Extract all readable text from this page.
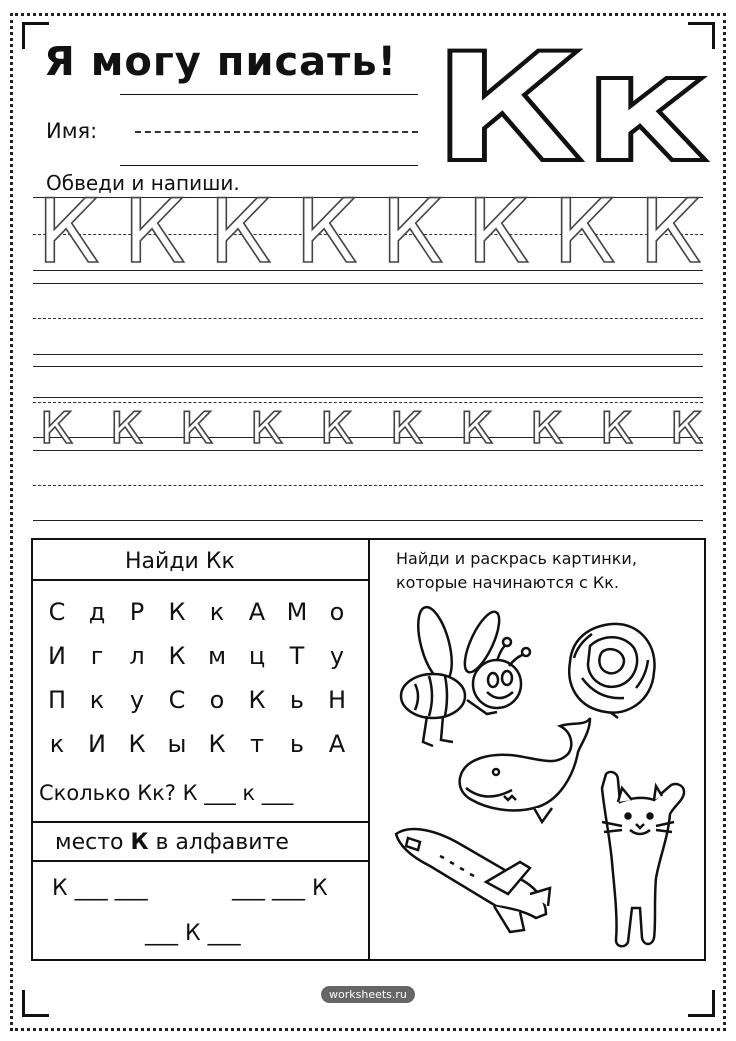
Я могу писать!
Имя: Кк
Обведи и напиши.
К К К К К К К К
к к к к к к к к к к
Найди Кк
С д	Р	К	к	А М о
И	г	л К м ц	Т	у
П к	у	С	о	К	ь Н
к И К ы К	т	ь	А
Сколько Кк? К ___ к ___
место К в алфавите
К ___ ___	___ ___ К
___ К ___
Найди и раскрась картинки,
которые начинаются с Кк.
worksheets.ru
